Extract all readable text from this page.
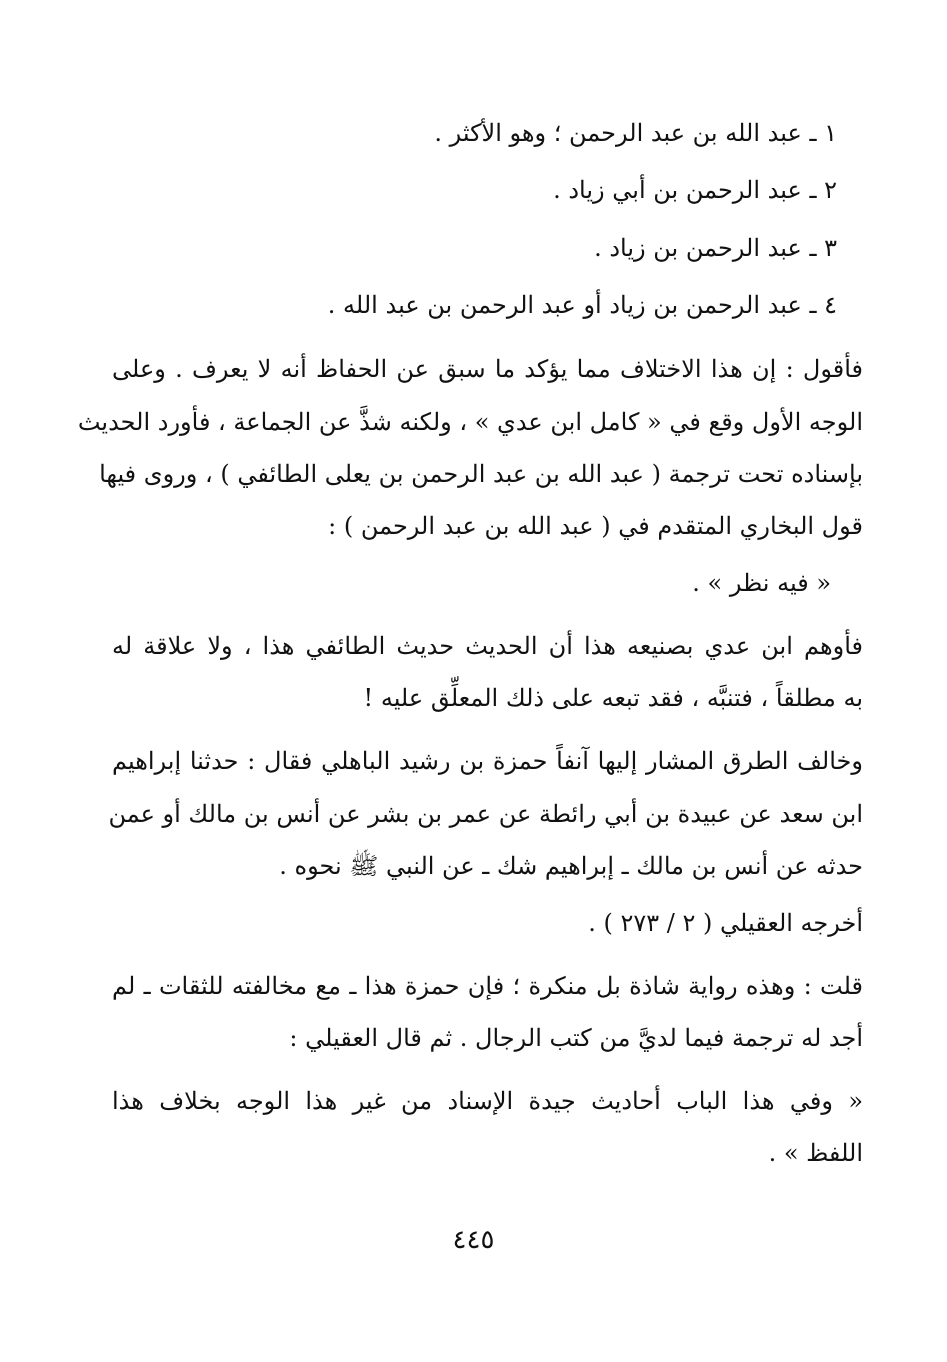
١ ـ عبد الله بن عبد الرحمن ؛ وهو الأكثر .
٢ ـ عبد الرحمن بن أبي زياد .
٣ ـ عبد الرحمن بن زياد .
٤ ـ عبد الرحمن بن زياد أو عبد الرحمن بن عبد الله .
فأقول : إن هذا الاختلاف مما يؤكد ما سبق عن الحفاظ أنه لا يعرف . وعلى
الوجه الأول وقع في « كامل ابن عدي » ، ولكنه شذَّ عن الجماعة ، فأورد الحديث
بإسناده تحت ترجمة ( عبد الله بن عبد الرحمن بن يعلى الطائفي ) ، وروى فيها
قول البخاري المتقدم في ( عبد الله بن عبد الرحمن ) :
« فيه نظر » .
فأوهم ابن عدي بصنيعه هذا أن الحديث حديث الطائفي هذا ، ولا علاقة له
به مطلقاً ، فتنبَّه ، فقد تبعه على ذلك المعلِّق عليه !
وخالف الطرق المشار إليها آنفاً حمزة بن رشيد الباهلي فقال : حدثنا إبراهيم
ابن سعد عن عبيدة بن أبي رائطة عن عمر بن بشر عن أنس بن مالك أو عمن
حدثه عن أنس بن مالك ـ إبراهيم شك ـ عن النبي ﷺ نحوه .
أخرجه العقيلي ( ٢ / ٢٧٣ ) .
قلت : وهذه رواية شاذة بل منكرة ؛ فإن حمزة هذا ـ مع مخالفته للثقات ـ لم
أجد له ترجمة فيما لديَّ من كتب الرجال . ثم قال العقيلي :
« وفي هذا الباب أحاديث جيدة الإسناد من غير هذا الوجه بخلاف هذا
اللفظ » .
٤٤٥
